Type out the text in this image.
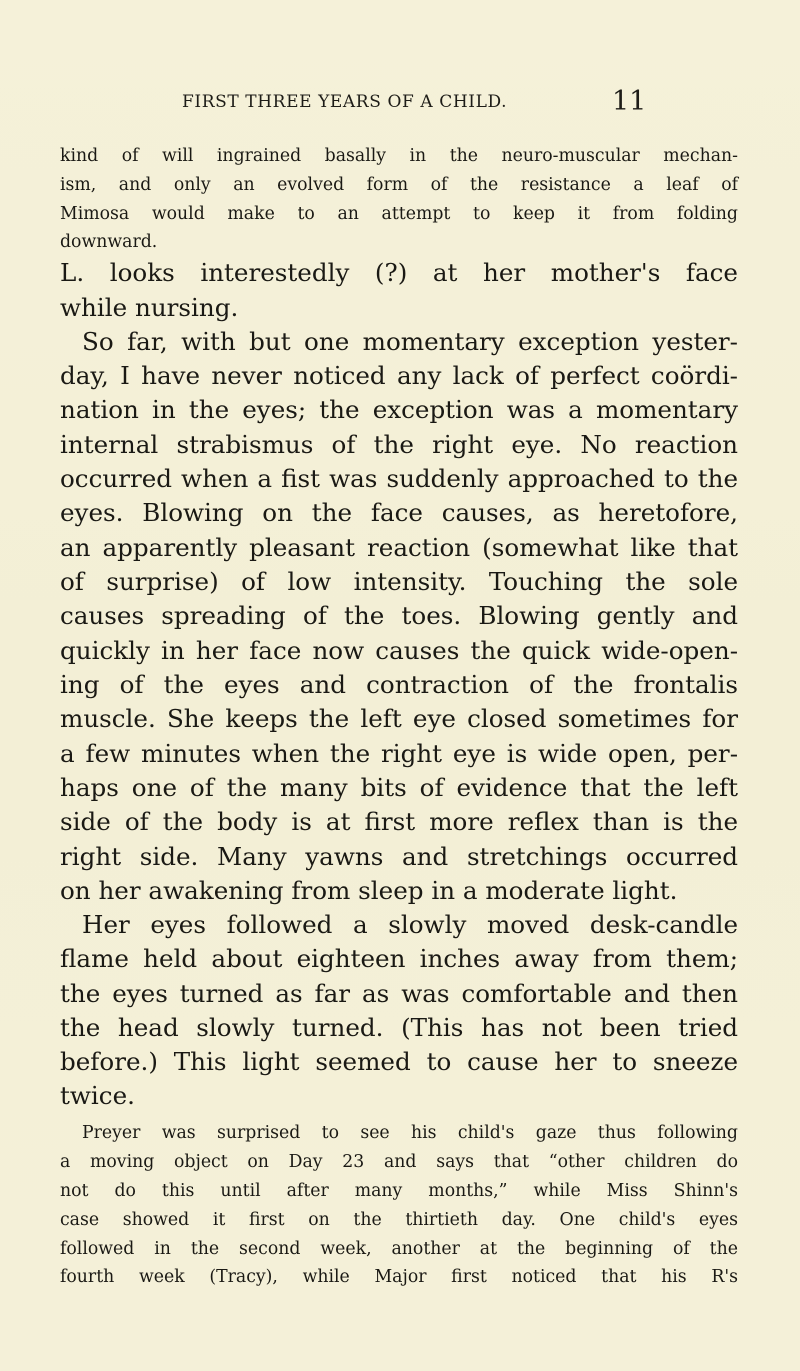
FIRST THREE YEARS OF A CHILD.	11
kind of will ingrained basally in the neuro-muscular mechan-
ism, and only an evolved form of the resistance a leaf of
Mimosa would make to an attempt to keep it from folding
downward.
L. looks interestedly (?) at her mother's face
while nursing.
So far, with but one momentary exception yester-
day, I have never noticed any lack of perfect coördi-
nation in the eyes; the exception was a momentary
internal strabismus of the right eye. No reaction
occurred when a fist was suddenly approached to the
eyes. Blowing on the face causes, as heretofore,
an apparently pleasant reaction (somewhat like that
of surprise) of low intensity. Touching the sole
causes spreading of the toes. Blowing gently and
quickly in her face now causes the quick wide-open-
ing of the eyes and contraction of the frontalis
muscle. She keeps the left eye closed sometimes for
a few minutes when the right eye is wide open, per-
haps one of the many bits of evidence that the left
side of the body is at first more reflex than is the
right side. Many yawns and stretchings occurred
on her awakening from sleep in a moderate light.
Her eyes followed a slowly moved desk-candle
flame held about eighteen inches away from them;
the eyes turned as far as was comfortable and then
the head slowly turned. (This has not been tried
before.) This light seemed to cause her to sneeze
twice.
Preyer was surprised to see his child's gaze thus following
a moving object on Day 23 and says that “other children do
not do this until after many months,” while Miss Shinn's
case showed it first on the thirtieth day. One child's eyes
followed in the second week, another at the beginning of the
fourth week (Tracy), while Major first noticed that his R's
